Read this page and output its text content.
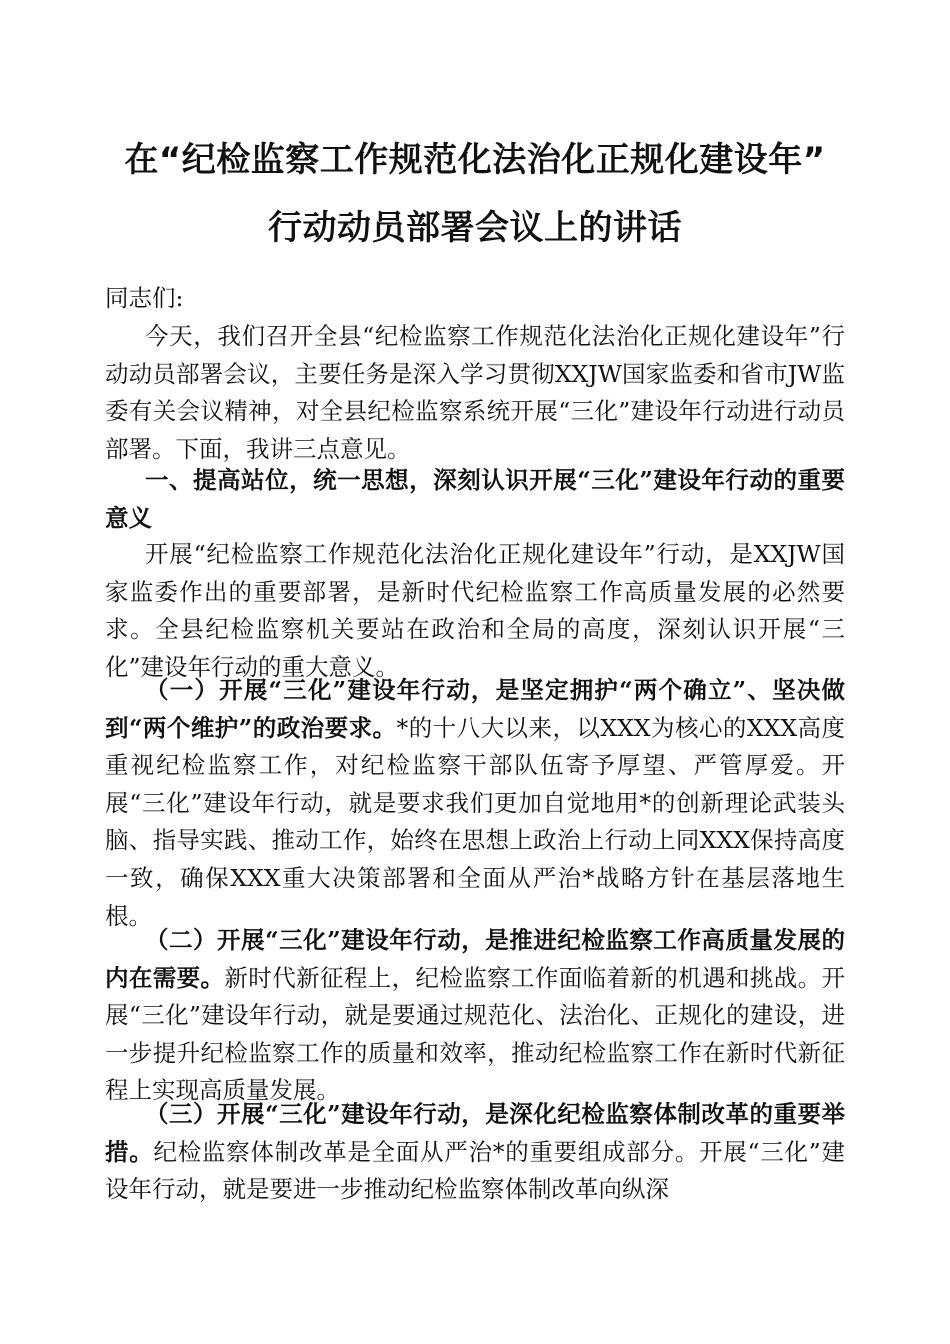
在“纪检监察工作规范化法治化正规化建设年”
行动动员部署会议上的讲话

同志们:

今天，我们召开全县“纪检监察工作规范化法治化正规化建设年”行动动员部署会议，主要任务是深入学习贯彻XXJW国家监委和省市JW监委有关会议精神，对全县纪检监察系统开展“三化”建设年行动进行动员部署。下面，我讲三点意见。

一、提高站位，统一思想，深刻认识开展“三化”建设年行动的重要意义

开展“纪检监察工作规范化法治化正规化建设年”行动，是XXJW国家监委作出的重要部署，是新时代纪检监察工作高质量发展的必然要求。全县纪检监察机关要站在政治和全局的高度，深刻认识开展“三化”建设年行动的重大意义。

（一）开展“三化”建设年行动，是坚定拥护“两个确立”、坚决做到“两个维护”的政治要求。*的十八大以来，以XXX为核心的XXX高度重视纪检监察工作，对纪检监察干部队伍寄予厚望、严管厚爱。开展“三化”建设年行动，就是要求我们更加自觉地用*的创新理论武装头脑、指导实践、推动工作，始终在思想上政治上行动上同XXX保持高度一致，确保XXX重大决策部署和全面从严治*战略方针在基层落地生根。

（二）开展“三化”建设年行动，是推进纪检监察工作高质量发展的内在需要。新时代新征程上，纪检监察工作面临着新的机遇和挑战。开展“三化”建设年行动，就是要通过规范化、法治化、正规化的建设，进一步提升纪检监察工作的质量和效率，推动纪检监察工作在新时代新征程上实现高质量发展。

（三）开展“三化”建设年行动，是深化纪检监察体制改革的重要举措。纪检监察体制改革是全面从严治*的重要组成部分。开展“三化”建设年行动，就是要进一步推动纪检监察体制改革向纵深
